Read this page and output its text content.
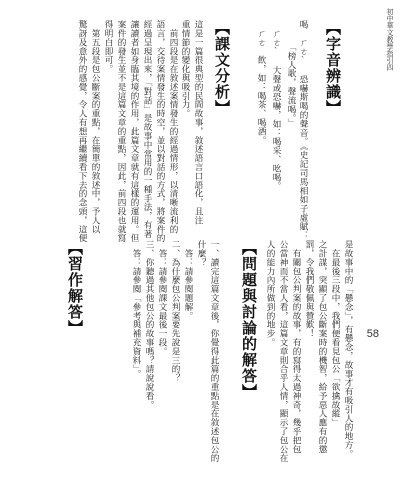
初中華文教學指引四
58
【字音辨識】
喝　ㄏㄜˋ　恐嚇斯喝的聲音。《史記司馬相如子虛賦：
　　　「榜人歌，聲流喝。」
　ㄏㄜˋ　大聲或恐嚇，如：喝采、吆喝。
　ㄏㄜ　飲，如：喝茶、喝酒。
【課文分析】
這是一篇很典型的民間故事，敘述語言口語化，且注
重情節的變化與吸引力。
　前四段是在敘述案情發生的經過情形，以清晰流利的
語言，交待案情發生的時空，並以對話的方式，將案件的
經過呈現出來，「對話」是故事中常用的一種手法，有著
讓讀者如身臨其境的作用，此篇文章就有這樣的運用。但
案件的發生並不是這篇文章的重點，因此，前四段也就寫
得明白即可。
　第五段是包公斷案的重點，在簡單的敘述中，予人以
驚訝及意外的感覺，令人有想再繼續看下去的念頭，這便
是故事中的「懸念」，有懸念，故事才有吸引人的地方。
　在最後三段中，我們便看見包公「欲擒故縱」
之計謀，突顯了包公斷案時的機智，給予惡人應有的懲
罰，令我們敬佩與贊歎！
　有關包公判案的故事，有的寫得太過神奇，幾乎把包
公當神而不當人看，這篇文章則合乎人情，顯示了包公在
人的能力內所做到的地步。
【問題與討論的解答】
一、讀完這篇文章後，你覺得此篇的重點是在敘述包公的
什麼？
　答：請參閱題解。
二、為什麼包公判案要先說是三的？
　答：請參閱課文最後一段。
三、你聽過其他包公的故事嗎？請說說看。
　答：請參閱「參考與補充資料」。
【習作解答】
